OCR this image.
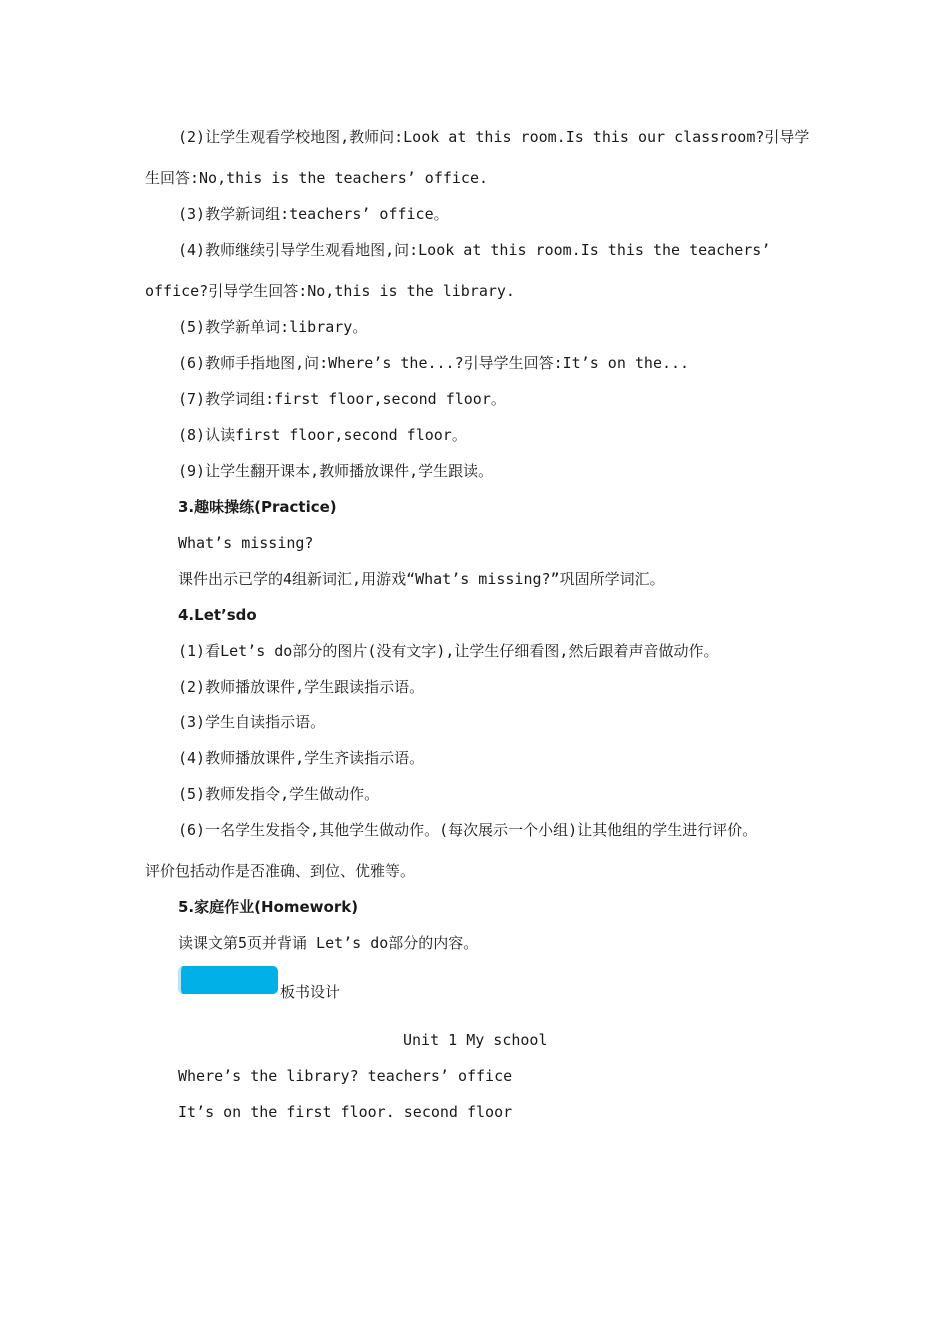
(2)让学生观看学校地图,教师问:Look at this room.Is this our classroom?引导学
生回答:No,this is the teachers’ office.
(3)教学新词组:teachers’ office。
(4)教师继续引导学生观看地图,问:Look at this room.Is this the teachers’
office?引导学生回答:No,this is the library.
(5)教学新单词:library。
(6)教师手指地图,问:Where’s the...?引导学生回答:It’s on the...
(7)教学词组:first floor,second floor。
(8)认读first floor,second floor。
(9)让学生翻开课本,教师播放课件,学生跟读。
3.趣味操练(Practice)
What’s missing?
课件出示已学的4组新词汇,用游戏“What’s missing?”巩固所学词汇。
4.Let’sdo
(1)看Let’s do部分的图片(没有文字),让学生仔细看图,然后跟着声音做动作。
(2)教师播放课件,学生跟读指示语。
(3)学生自读指示语。
(4)教师播放课件,学生齐读指示语。
(5)教师发指令,学生做动作。
(6)一名学生发指令,其他学生做动作。(每次展示一个小组)让其他组的学生进行评价。
评价包括动作是否准确、到位、优雅等。
5.家庭作业(Homework)
读课文第5页并背诵 Let’s do部分的内容。
板书设计
Unit 1 My school
Where’s the library? teachers’ office
It’s on the first floor. second floor
